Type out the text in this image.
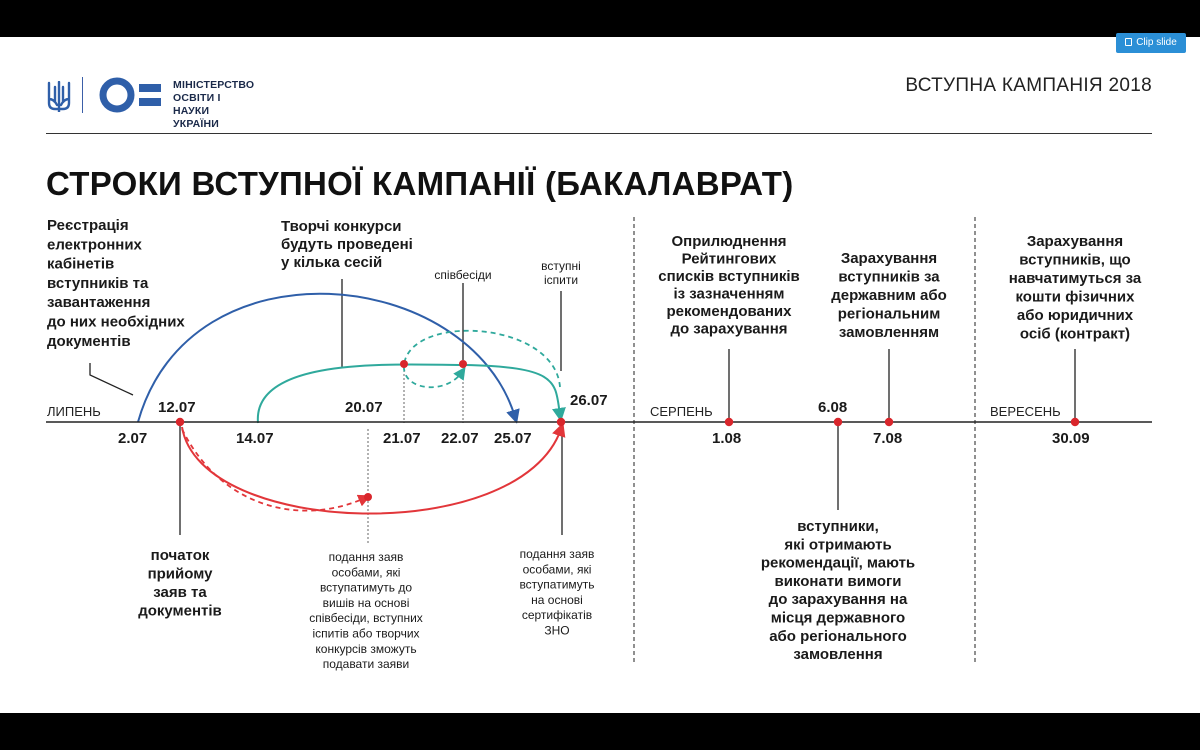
МІНІСТЕРСТВО
ОСВІТИ І НАУКИ
УКРАЇНИ
ВСТУПНА КАМПАНІЯ 2018
СТРОКИ ВСТУПНОЇ КАМПАНІЇ (БАКАЛАВРАТ)
ЛИПЕНЬ	СЕРПЕНЬ	ВЕРЕСЕНЬ
2.07
12.07
14.07
20.07
21.07 22.07 25.07
26.07
1.08
6.08
7.08	30.09
Реєстрація електронних кабінетів вступників та завантаження до них необхідних документів
Творчі конкурси будуть проведені у кілька сесій
співбесіди
вступні іспити
Оприлюднення Рейтингових списків вступників із зазначенням рекомендованих до зарахування
Зарахування вступників за державним або регіональним замовленням
Зарахування вступників, що навчатимуться за кошти фізичних або юридичних осіб (контракт)
початок прийому заяв та документів
подання заяв особами, які вступатимуть до вишів на основі співбесіди, вступних іспитів або творчих конкурсів зможуть подавати заяви
подання заяв особами, які вступатимуть на основі сертифікатів ЗНО
вступники, які отримають рекомендації, мають виконати вимоги до зарахування на місця державного або регіонального замовлення
Clip slide
